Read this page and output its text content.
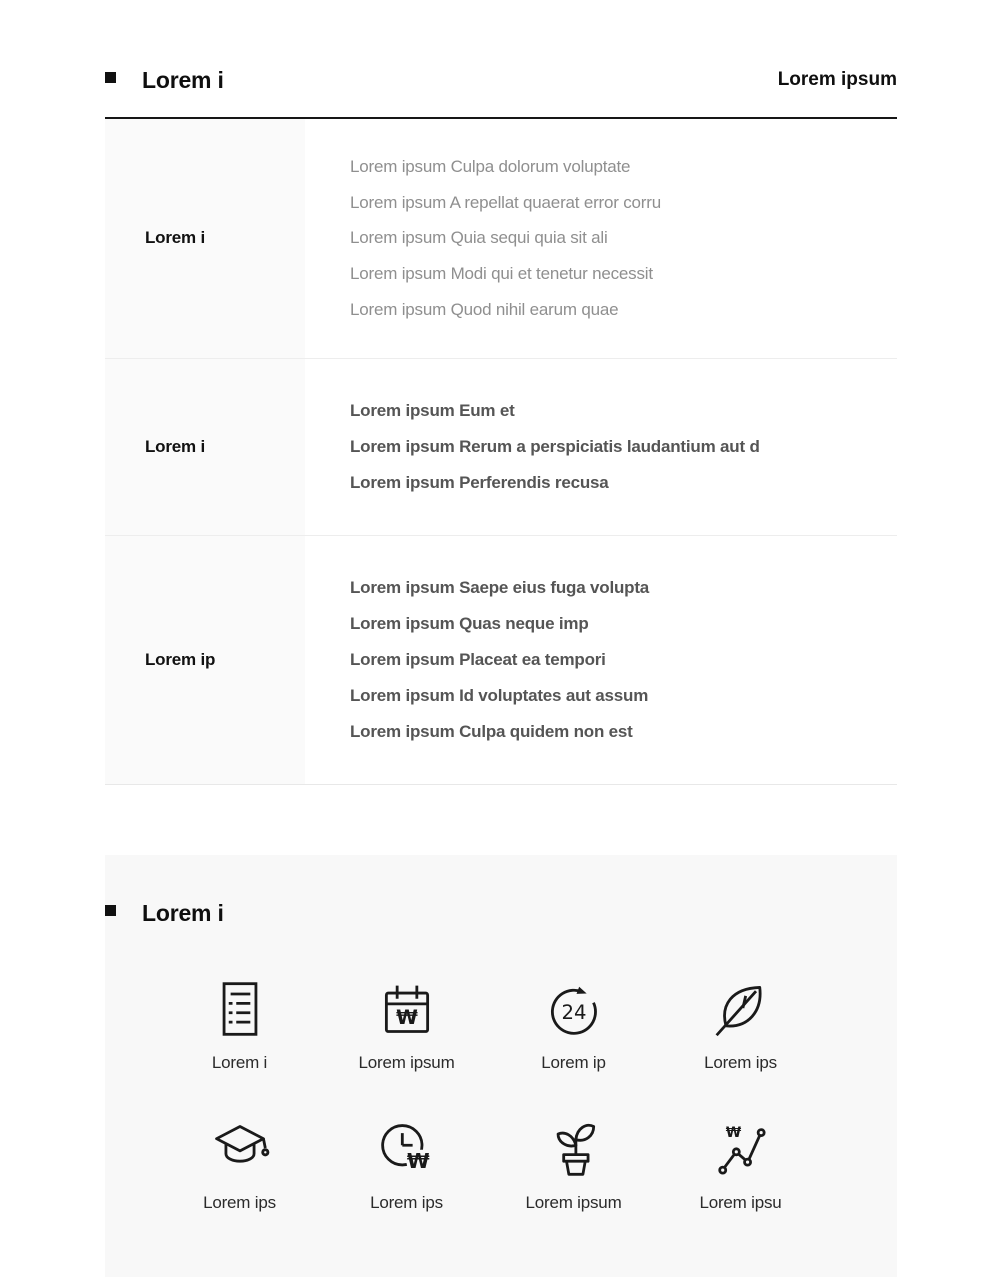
Lorem i	Lorem ipsum
Lorem i

Lorem ipsum Culpa dolorum voluptate

Lorem ipsum A repellat quaerat error corru

Lorem ipsum Quia sequi quia sit ali

Lorem ipsum Modi qui et tenetur necessit

Lorem ipsum Quod nihil earum quae

Lorem i

Lorem ipsum Eum et

Lorem ipsum Rerum a perspiciatis laudantium aut d

Lorem ipsum Perferendis recusa

Lorem ip

Lorem ipsum Saepe eius fuga volupta

Lorem ipsum Quas neque imp

Lorem ipsum Placeat ea tempori

Lorem ipsum Id voluptates aut assum

Lorem ipsum Culpa quidem non est

Lorem i
Lorem i
₩
Lorem ipsum
24
Lorem ip	Lorem ips
Lorem ips
₩
Lorem ips	Lorem ipsum
₩
Lorem ipsu
